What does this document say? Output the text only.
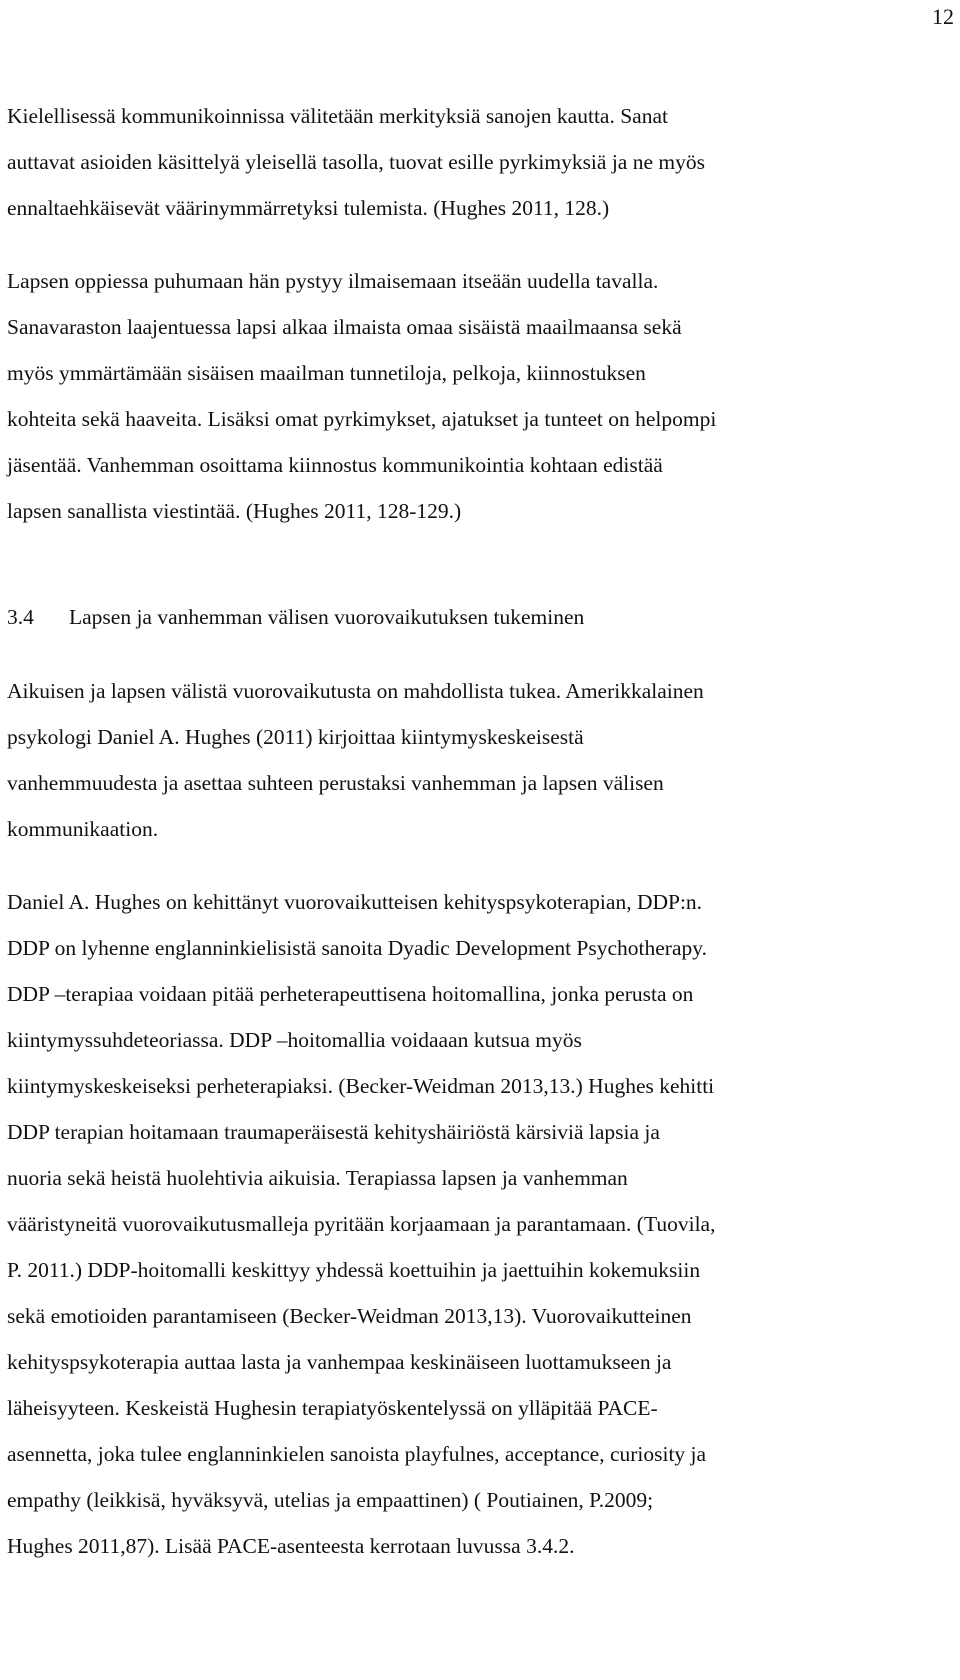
12
Kielellisessä kommunikoinnissa välitetään merkityksiä sanojen kautta. Sanat
auttavat asioiden käsittelyä yleisellä tasolla, tuovat esille pyrkimyksiä ja ne myös
ennaltaehkäisevät väärinymmärretyksi tulemista. (Hughes 2011, 128.)
Lapsen oppiessa puhumaan hän pystyy ilmaisemaan itseään uudella tavalla.
Sanavaraston laajentuessa lapsi alkaa ilmaista omaa sisäistä maailmaansa sekä
myös ymmärtämään sisäisen maailman tunnetiloja, pelkoja, kiinnostuksen
kohteita sekä haaveita. Lisäksi omat pyrkimykset, ajatukset ja tunteet on helpompi
jäsentää. Vanhemman osoittama kiinnostus kommunikointia kohtaan edistää
lapsen sanallista viestintää. (Hughes 2011, 128-129.)
3.4 Lapsen ja vanhemman välisen vuorovaikutuksen tukeminen
Aikuisen ja lapsen välistä vuorovaikutusta on mahdollista tukea. Amerikkalainen
psykologi Daniel A. Hughes (2011) kirjoittaa kiintymyskeskeisestä
vanhemmuudesta ja asettaa suhteen perustaksi vanhemman ja lapsen välisen
kommunikaation.
Daniel A. Hughes on kehittänyt vuorovaikutteisen kehityspsykoterapian, DDP:n.
DDP on lyhenne englanninkielisistä sanoita Dyadic Development Psychotherapy.
DDP –terapiaa voidaan pitää perheterapeuttisena hoitomallina, jonka perusta on
kiintymyssuhdeteoriassa. DDP –hoitomallia voidaaan kutsua myös
kiintymyskeskeiseksi perheterapiaksi. (Becker-Weidman 2013,13.) Hughes kehitti
DDP terapian hoitamaan traumaperäisestä kehityshäiriöstä kärsiviä lapsia ja
nuoria sekä heistä huolehtivia aikuisia. Terapiassa lapsen ja vanhemman
vääristyneitä vuorovaikutusmalleja pyritään korjaamaan ja parantamaan. (Tuovila,
P. 2011.) DDP-hoitomalli keskittyy yhdessä koettuihin ja jaettuihin kokemuksiin
sekä emotioiden parantamiseen (Becker-Weidman 2013,13). Vuorovaikutteinen
kehityspsykoterapia auttaa lasta ja vanhempaa keskinäiseen luottamukseen ja
läheisyyteen. Keskeistä Hughesin terapiatyöskentelyssä on ylläpitää PACE-
asennetta, joka tulee englanninkielen sanoista playfulnes, acceptance, curiosity ja
empathy (leikkisä, hyväksyvä, utelias ja empaattinen) ( Poutiainen, P.2009;
Hughes 2011,87). Lisää PACE-asenteesta kerrotaan luvussa 3.4.2.
